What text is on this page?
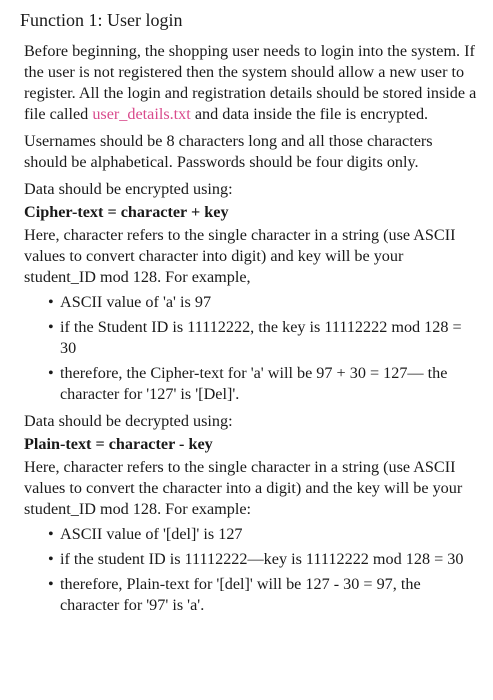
Function 1: User login

Before beginning, the shopping user needs to login into the system. If the user is not registered then the system should allow a new user to register. All the login and registration details should be stored inside a file called user_details.txt and data inside the file is encrypted.

Usernames should be 8 characters long and all those characters should be alphabetical. Passwords should be four digits only.

Data should be encrypted using:

Cipher-text = character + key

Here, character refers to the single character in a string (use ASCII values to convert character into digit) and key will be your student_ID mod 128. For example,

• ASCII value of 'a' is 97
• if the Student ID is 11112222, the key is 11112222 mod 128 = 30
• therefore, the Cipher-text for 'a' will be 97 + 30 = 127— the character for '127' is '[Del]'.

Data should be decrypted using:

Plain-text = character - key

Here, character refers to the single character in a string (use ASCII values to convert the character into a digit) and the key will be your student_ID mod 128. For example:

• ASCII value of '[del]' is 127
• if the student ID is 11112222—key is 11112222 mod 128 = 30
• therefore, Plain-text for '[del]' will be 127 - 30 = 97, the character for '97' is 'a'.
